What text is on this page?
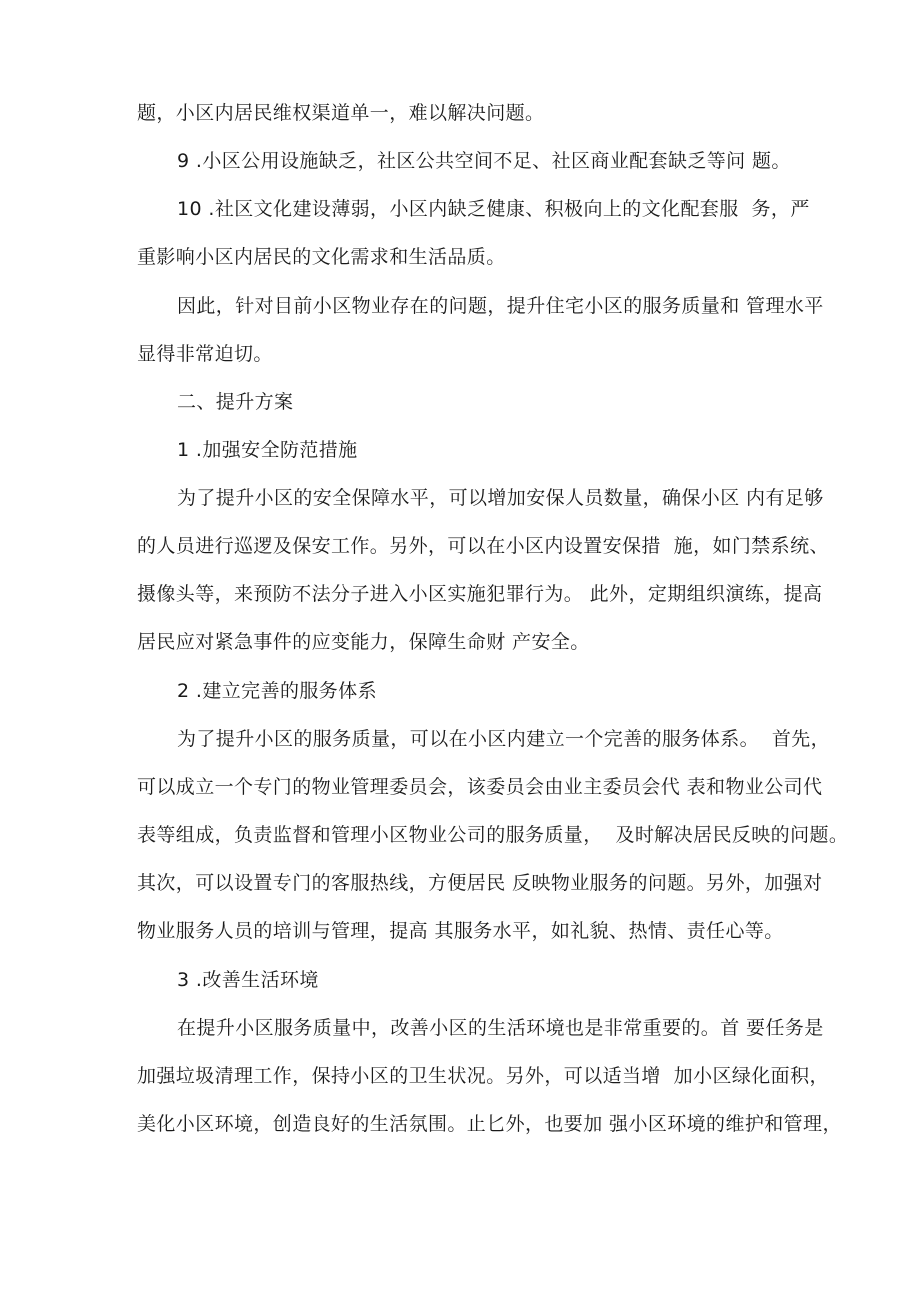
题，小区内居民维权渠道单一，难以解决问题。
9 .小区公用设施缺乏，社区公共空间不足、社区商业配套缺乏等问 题。
10 .社区文化建设薄弱，小区内缺乏健康、积极向上的文化配套服  务，严
重影响小区内居民的文化需求和生活品质。
因此，针对目前小区物业存在的问题，提升住宅小区的服务质量和 管理水平
显得非常迫切。
二、提升方案
1 .加强安全防范措施
为了提升小区的安全保障水平，可以增加安保人员数量，确保小区 内有足够
的人员进行巡逻及保安工作。另外，可以在小区内设置安保措  施，如门禁系统、
摄像头等，来预防不法分子进入小区实施犯罪行为。 此外，定期组织演练，提高
居民应对紧急事件的应变能力，保障生命财 产安全。
2 .建立完善的服务体系
为了提升小区的服务质量，可以在小区内建立一个完善的服务体系。  首先，
可以成立一个专门的物业管理委员会，该委员会由业主委员会代 表和物业公司代
表等组成，负责监督和管理小区物业公司的服务质量，  及时解决居民反映的问题。
其次，可以设置专门的客服热线，方便居民 反映物业服务的问题。另外，加强对
物业服务人员的培训与管理，提高 其服务水平，如礼貌、热情、责任心等。
3 .改善生活环境
在提升小区服务质量中，改善小区的生活环境也是非常重要的。首 要任务是
加强垃圾清理工作，保持小区的卫生状况。另外，可以适当增  加小区绿化面积，
美化小区环境，创造良好的生活氛围。止匕外，也要加 强小区环境的维护和管理，
